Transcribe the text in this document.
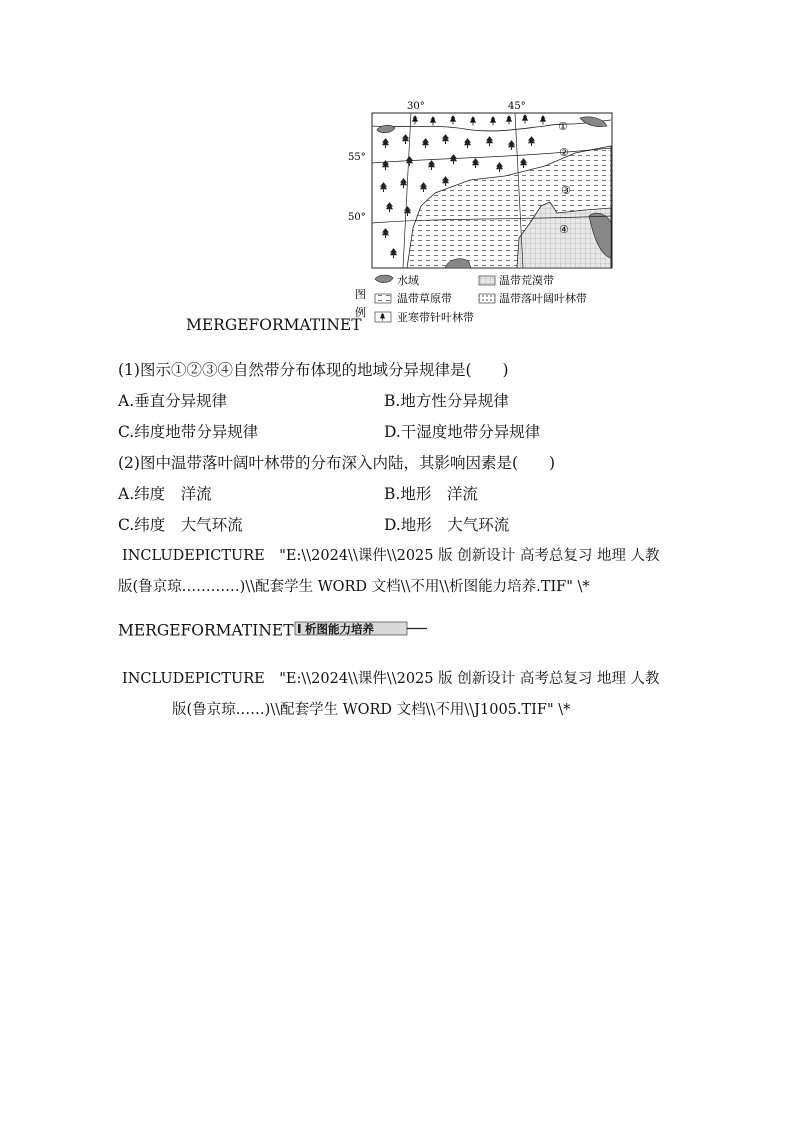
30°	45°
55°
50°
①
②
③
④
图
例
水域	温带荒漠带
温带草原带	温带落叶阔叶林带
亚寒带针叶林带
MERGEFORMATINET
(1)图示①②③④自然带分布体现的地域分异规律是(　　)
A.垂直分异规律	B.地方性分异规律
C.纬度地带分异规律	D.干湿度地带分异规律
(2)图中温带落叶阔叶林带的分布深入内陆，其影响因素是(　　)
A.纬度　洋流	B.地形　洋流
C.纬度　大气环流	D.地形　大气环流
INCLUDEPICTURE　"E:\\2024\\课件\\2025 版 创新设计 高考总复习 地理 人教
版(鲁京琼…………)\\配套学生 WORD 文档\\不用\\析图能力培养.TIF" \*
MERGEFORMATINET 析图能力培养
INCLUDEPICTURE　"E:\\2024\\课件\\2025 版 创新设计 高考总复习 地理 人教
版(鲁京琼……)\\配套学生 WORD 文档\\不用\\J1005.TIF" \*
